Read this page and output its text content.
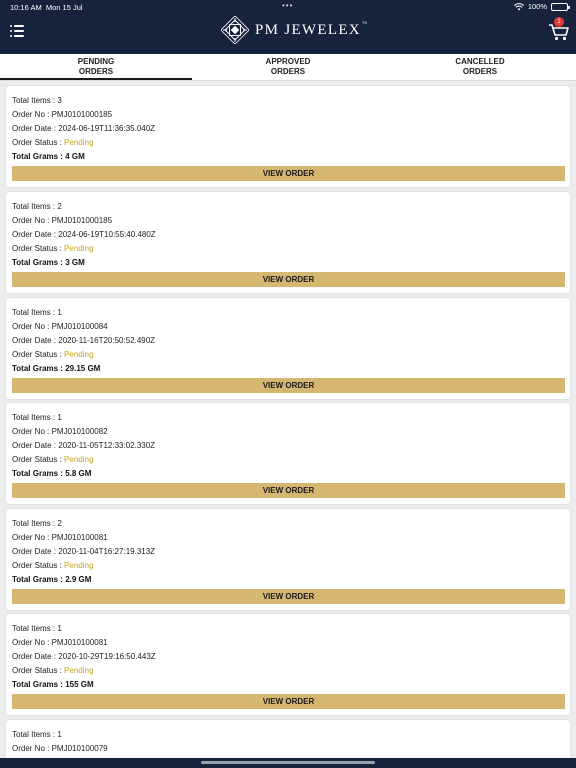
10:16 AM Mon 15 Jul	•••	100%
PM JEWELEX™	1
PENDING
ORDERS
APPROVED
ORDERS
CANCELLED
ORDERS
Total Items : 3
Order No : PMJ0101000185
Order Date : 2024-06-19T11:36:35.040Z
Order Status : Pending
Total Grams : 4 GM
VIEW ORDER
Total Items : 2
Order No : PMJ0101000185
Order Date : 2024-06-19T10:55:40.480Z
Order Status : Pending
Total Grams : 3 GM
VIEW ORDER
Total Items : 1
Order No : PMJ010100084
Order Date : 2020-11-16T20:50:52.490Z
Order Status : Pending
Total Grams : 29.15 GM
VIEW ORDER
Total Items : 1
Order No : PMJ010100082
Order Date : 2020-11-05T12:33:02.330Z
Order Status : Pending
Total Grams : 5.8 GM
VIEW ORDER
Total Items : 2
Order No : PMJ010100081
Order Date : 2020-11-04T16:27:19.313Z
Order Status : Pending
Total Grams : 2.9 GM
VIEW ORDER
Total Items : 1
Order No : PMJ010100081
Order Date : 2020-10-29T19:16:50.443Z
Order Status : Pending
Total Grams : 155 GM
VIEW ORDER
Total Items : 1
Order No : PMJ010100079
